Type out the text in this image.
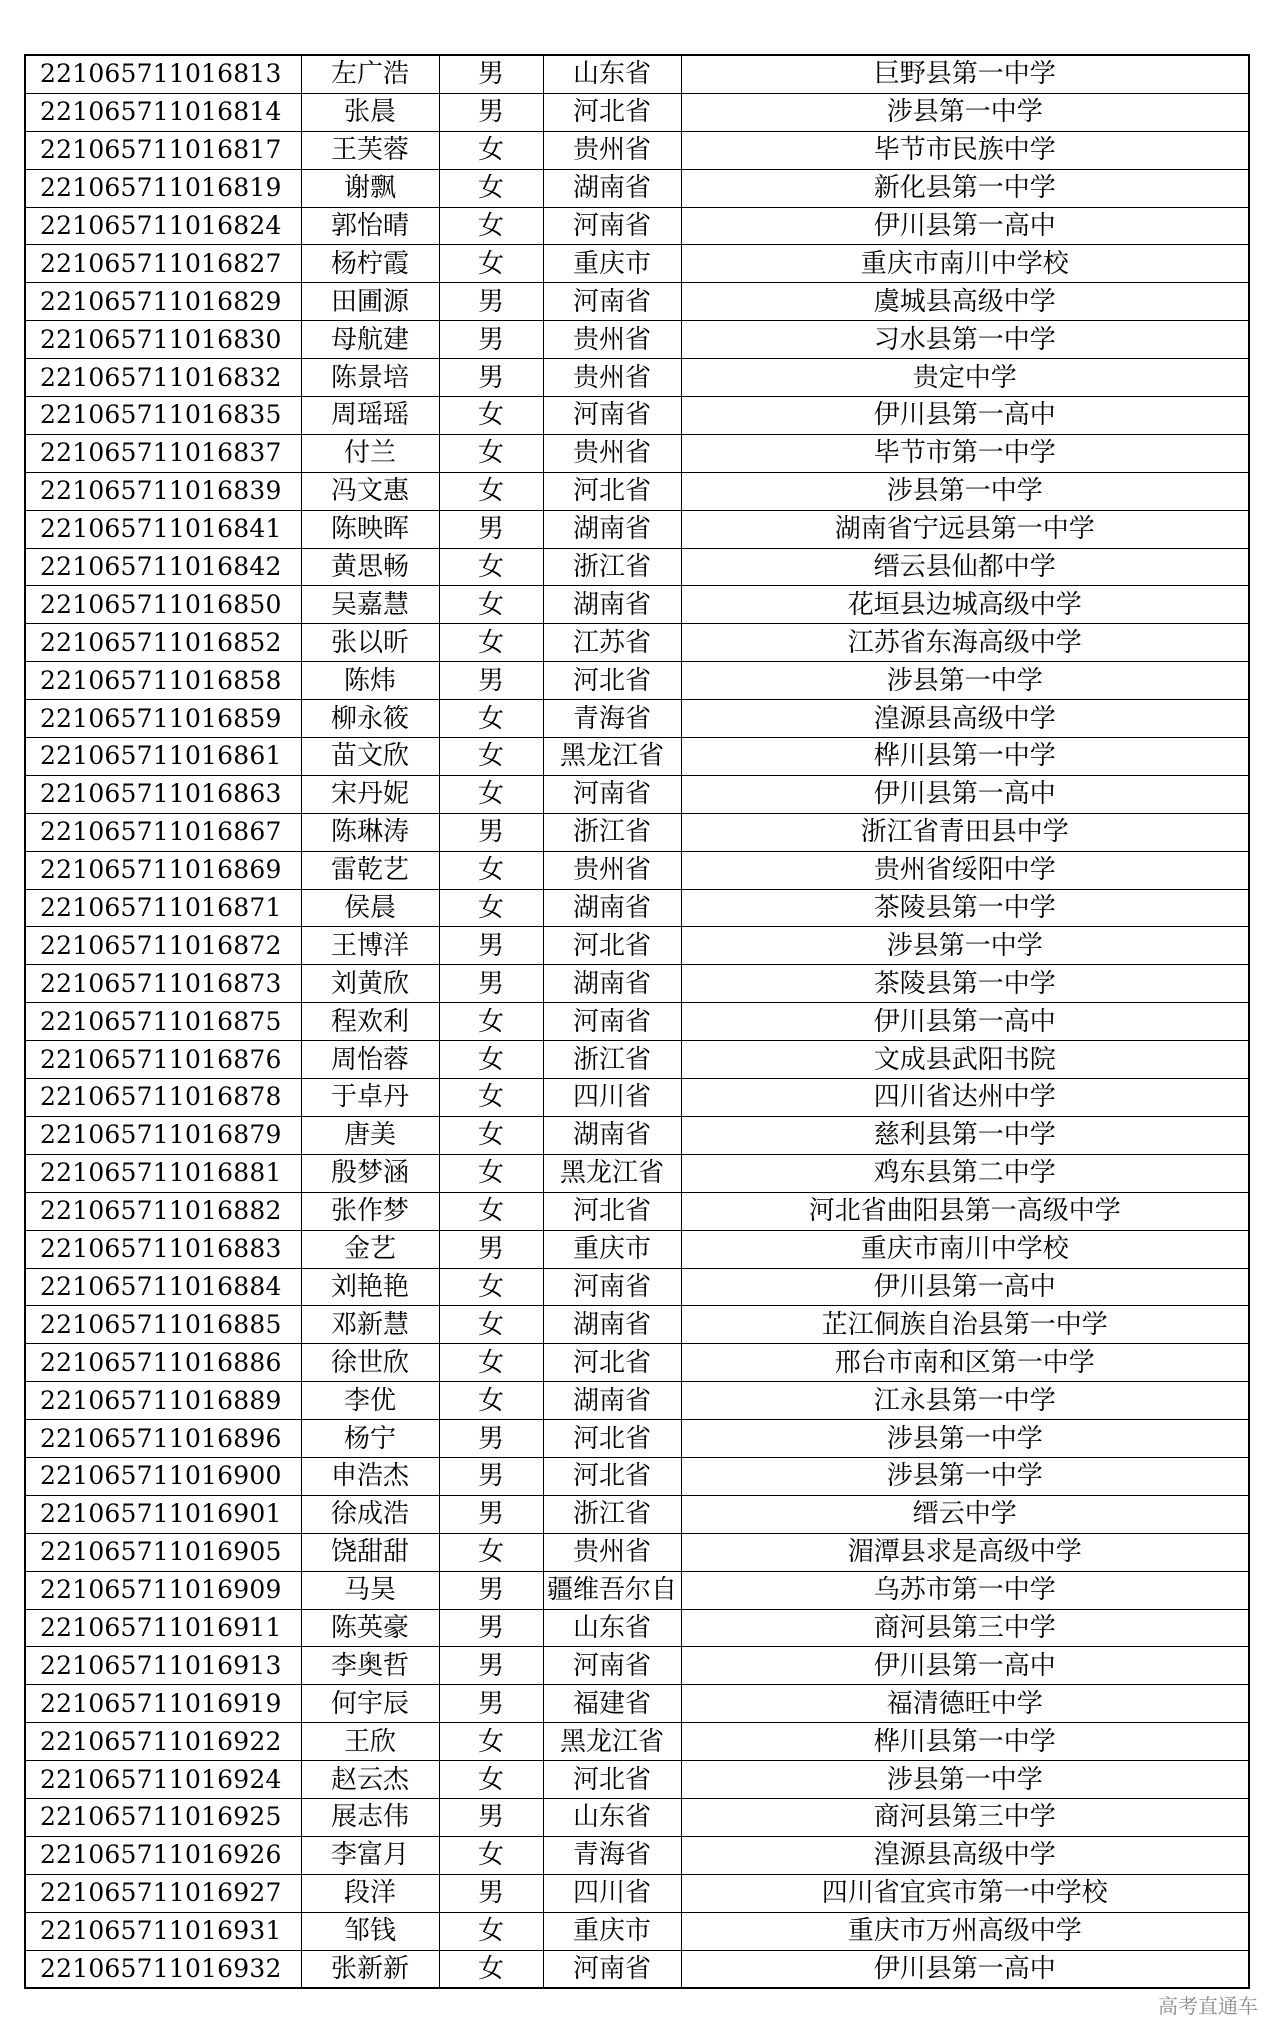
221065711016813	左广浩	男	山东省	巨野县第一中学
221065711016814	张晨	男	河北省	涉县第一中学
221065711016817	王芙蓉	女	贵州省	毕节市民族中学
221065711016819	谢飘	女	湖南省	新化县第一中学
221065711016824	郭怡晴	女	河南省	伊川县第一高中
221065711016827	杨柠霞	女	重庆市	重庆市南川中学校
221065711016829	田圃源	男	河南省	虞城县高级中学
221065711016830	母航建	男	贵州省	习水县第一中学
221065711016832	陈景培	男	贵州省	贵定中学
221065711016835	周瑶瑶	女	河南省	伊川县第一高中
221065711016837	付兰	女	贵州省	毕节市第一中学
221065711016839	冯文惠	女	河北省	涉县第一中学
221065711016841	陈映晖	男	湖南省	湖南省宁远县第一中学
221065711016842	黄思畅	女	浙江省	缙云县仙都中学
221065711016850	吴嘉慧	女	湖南省	花垣县边城高级中学
221065711016852	张以昕	女	江苏省	江苏省东海高级中学
221065711016858	陈炜	男	河北省	涉县第一中学
221065711016859	柳永筱	女	青海省	湟源县高级中学
221065711016861	苗文欣	女	黑龙江省	桦川县第一中学
221065711016863	宋丹妮	女	河南省	伊川县第一高中
221065711016867	陈琳涛	男	浙江省	浙江省青田县中学
221065711016869	雷乾艺	女	贵州省	贵州省绥阳中学
221065711016871	侯晨	女	湖南省	茶陵县第一中学
221065711016872	王博洋	男	河北省	涉县第一中学
221065711016873	刘黄欣	男	湖南省	茶陵县第一中学
221065711016875	程欢利	女	河南省	伊川县第一高中
221065711016876	周怡蓉	女	浙江省	文成县武阳书院
221065711016878	于卓丹	女	四川省	四川省达州中学
221065711016879	唐美	女	湖南省	慈利县第一中学
221065711016881	殷梦涵	女	黑龙江省	鸡东县第二中学
221065711016882	张作梦	女	河北省	河北省曲阳县第一高级中学
221065711016883	金艺	男	重庆市	重庆市南川中学校
221065711016884	刘艳艳	女	河南省	伊川县第一高中
221065711016885	邓新慧	女	湖南省	芷江侗族自治县第一中学
221065711016886	徐世欣	女	河北省	邢台市南和区第一中学
221065711016889	李优	女	湖南省	江永县第一中学
221065711016896	杨宁	男	河北省	涉县第一中学
221065711016900	申浩杰	男	河北省	涉县第一中学
221065711016901	徐成浩	男	浙江省	缙云中学
221065711016905	饶甜甜	女	贵州省	湄潭县求是高级中学
221065711016909	马昊	男	疆维吾尔自	乌苏市第一中学
221065711016911	陈英豪	男	山东省	商河县第三中学
221065711016913	李奥哲	男	河南省	伊川县第一高中
221065711016919	何宇辰	男	福建省	福清德旺中学
221065711016922	王欣	女	黑龙江省	桦川县第一中学
221065711016924	赵云杰	女	河北省	涉县第一中学
221065711016925	展志伟	男	山东省	商河县第三中学
221065711016926	李富月	女	青海省	湟源县高级中学
221065711016927	段洋	男	四川省	四川省宜宾市第一中学校
221065711016931	邹钱	女	重庆市	重庆市万州高级中学
221065711016932	张新新	女	河南省	伊川县第一高中
高考直通车
